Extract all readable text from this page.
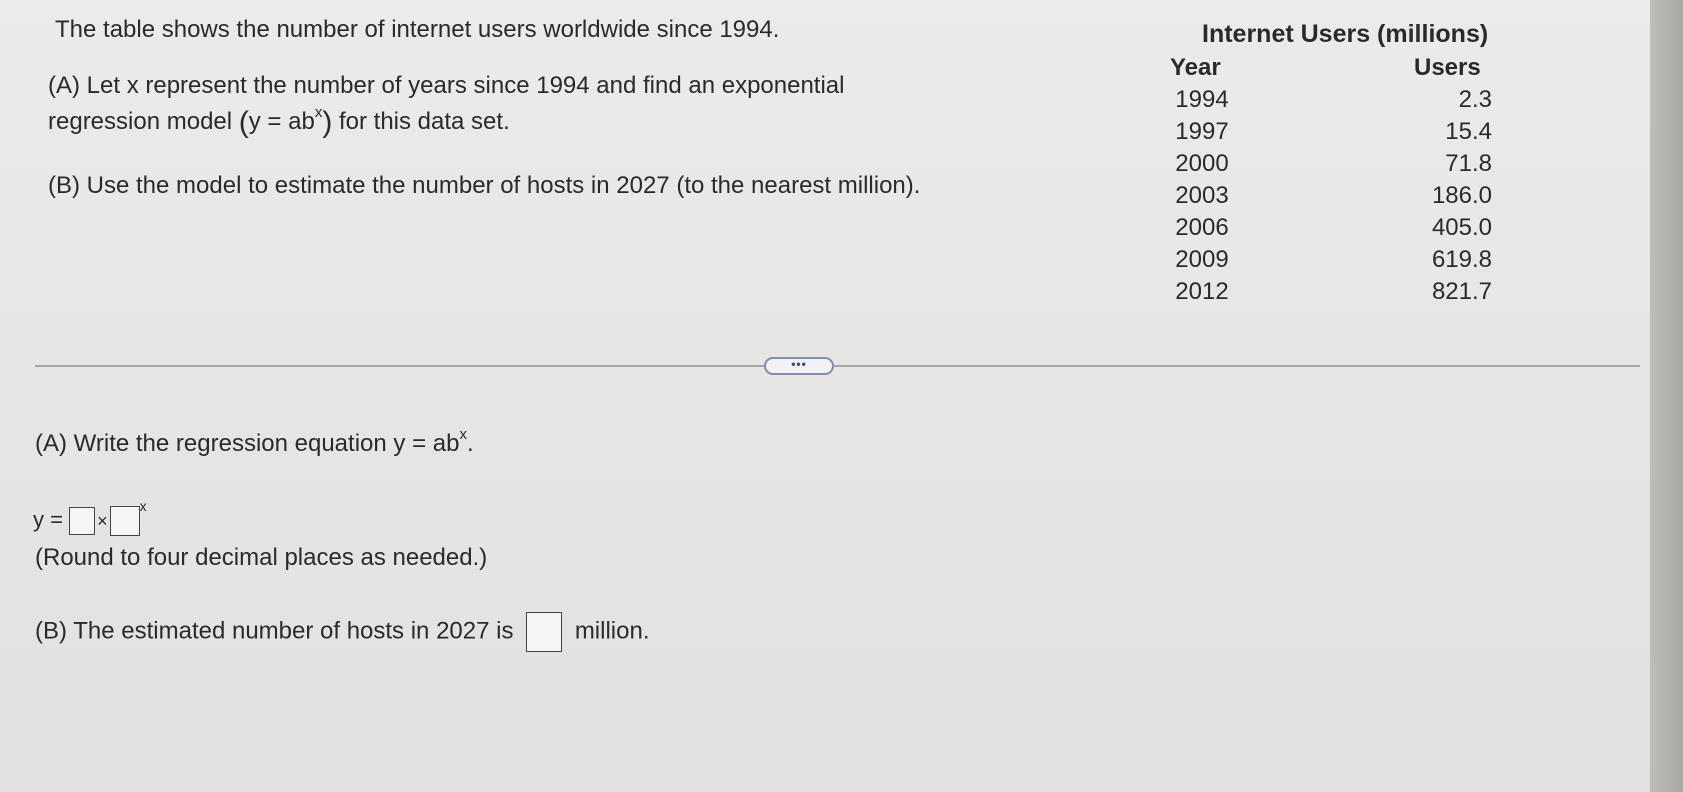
The table shows the number of internet users worldwide since 1994.
(A) Let x represent the number of years since 1994 and find an exponential
regression model $(y = ab^x)$ for this data set.
(B) Use the model to estimate the number of hosts in 2027 (to the nearest million).
Internet Users (millions)
Year	Users
1994	2.3
1997	15.4
2000	71.8
2003	186.0
2006	405.0
2009	619.8
2012	821.7
•••
(A) Write the regression equation $y = ab^x$.
y = ×$^x$
(Round to four decimal places as needed.)
(B) The estimated number of hosts in 2027 is	million.
